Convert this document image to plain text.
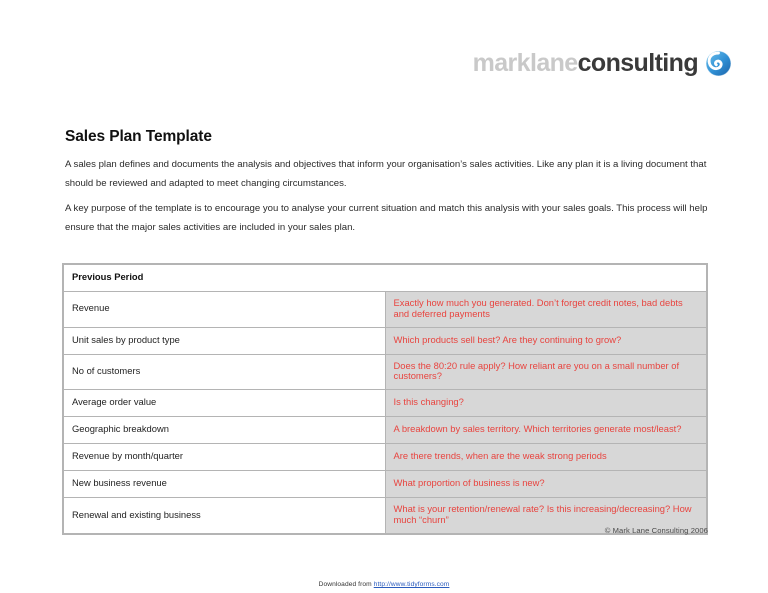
marklaneconsulting
Sales Plan Template
A sales plan defines and documents the analysis and objectives that inform your organisation’s sales activities. Like any plan it is a living document that should be reviewed and adapted to meet changing circumstances.
A key purpose of the template is to encourage you to analyse your current situation and match this analysis with your sales goals. This process will help ensure that the major sales activities are included in your sales plan.
Previous Period	
Revenue	Exactly how much you generated. Don’t forget credit notes, bad debts and deferred payments
Unit sales by product type	Which products sell best? Are they continuing to grow?
No of customers	Does the 80:20 rule apply? How reliant are you on a small number of customers?
Average order value	Is this changing?
Geographic breakdown	A breakdown by sales territory. Which territories generate most/least?
Revenue by month/quarter	Are there trends, when are the weak strong periods
New business revenue	What proportion of business is new?
Renewal and existing business	What is your retention/renewal rate? Is this increasing/decreasing? How much “churn”
© Mark Lane Consulting 2006
Downloaded from http://www.tidyforms.com
